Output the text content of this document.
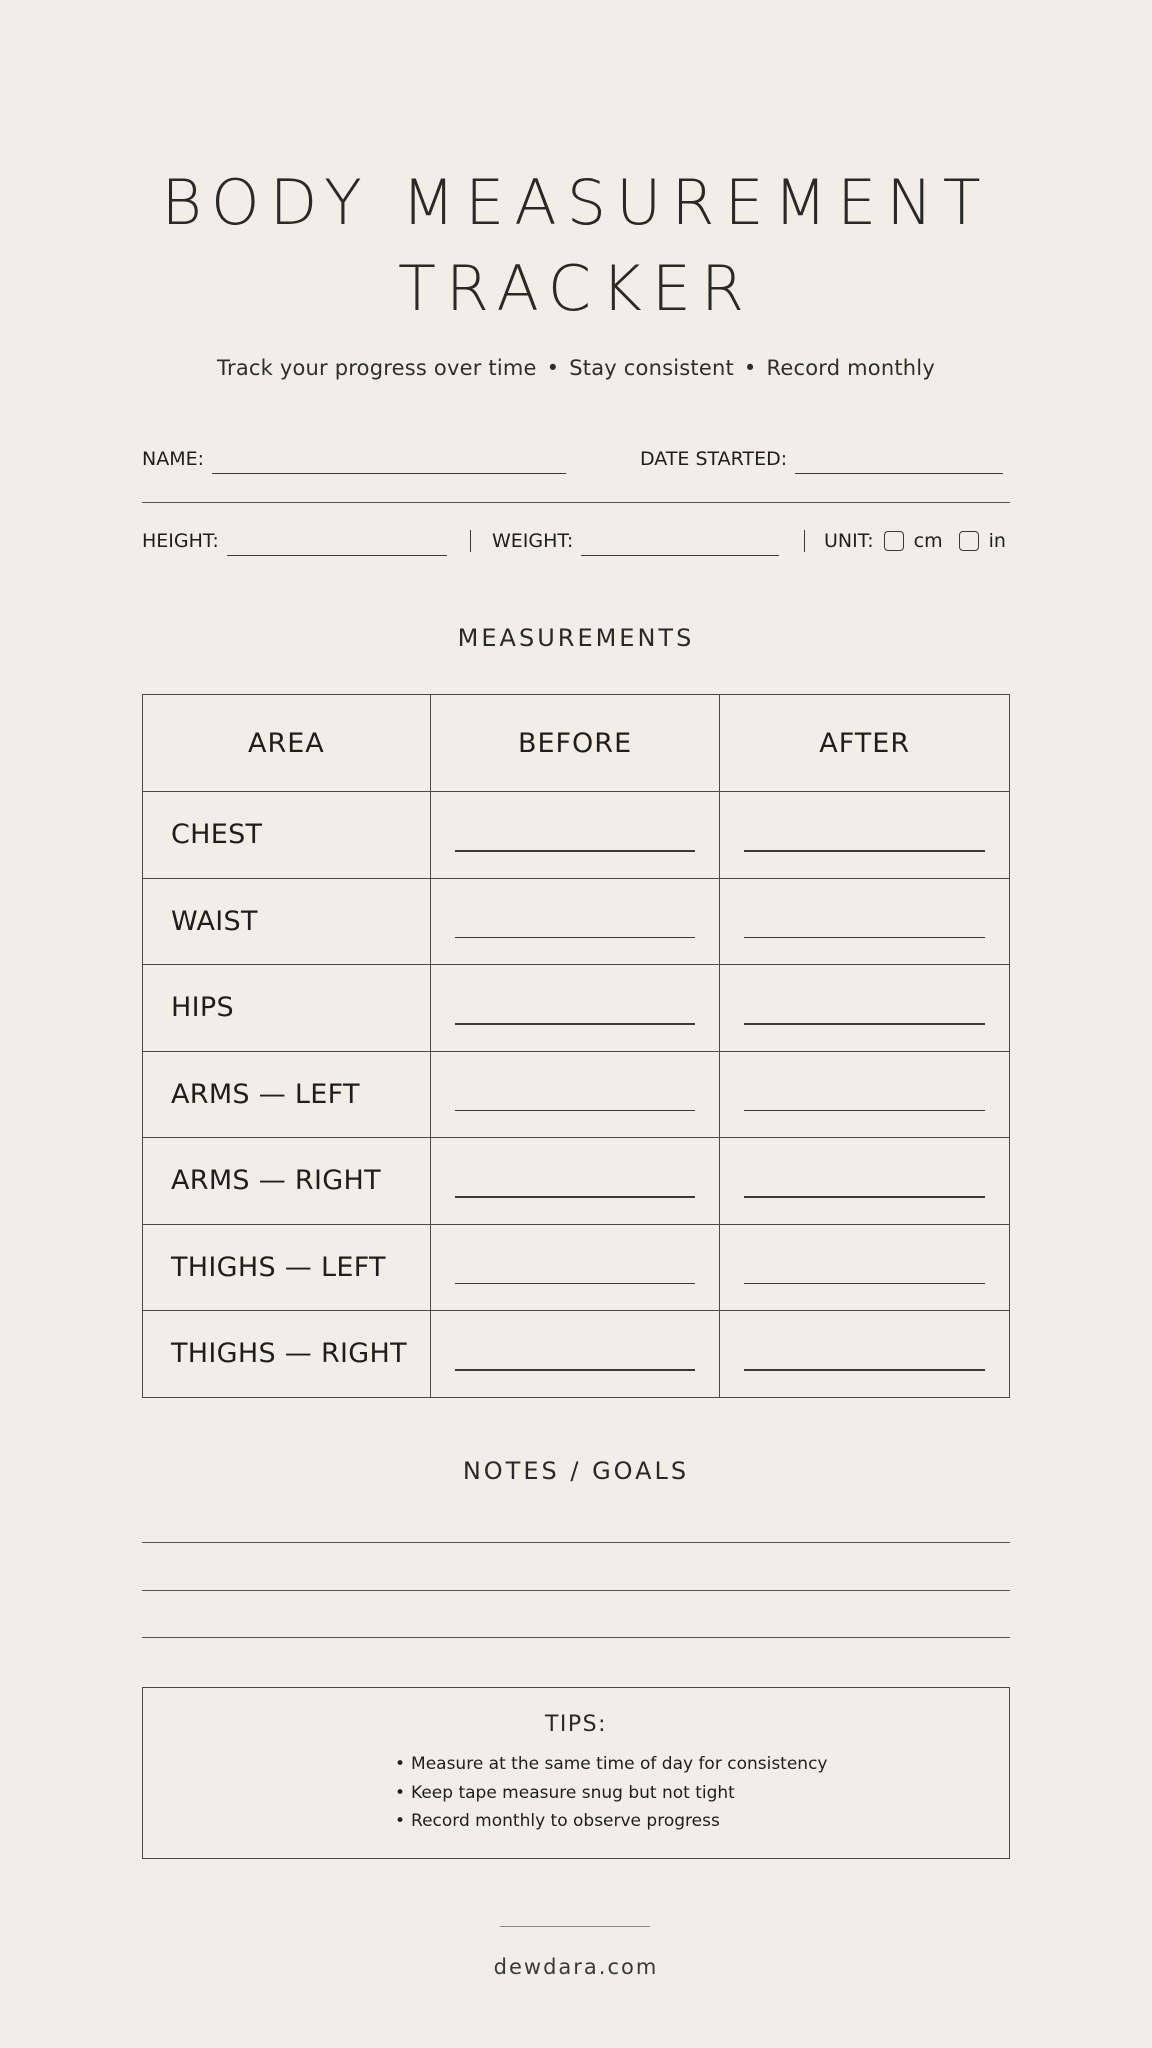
BODY MEASUREMENT
TRACKER
Track your progress over time • Stay consistent • Record monthly
NAME:	DATE STARTED:
HEIGHT:	WEIGHT:	UNIT: cm in
MEASUREMENTS
AREA	BEFORE	AFTER
CHEST	

WAIST	

HIPS	

ARMS — LEFT	

ARMS — RIGHT	

THIGHS — LEFT	

THIGHS — RIGHT	

NOTES / GOALS
TIPS:
• Measure at the same time of day for consistency
• Keep tape measure snug but not tight
• Record monthly to observe progress
dewdara.com
